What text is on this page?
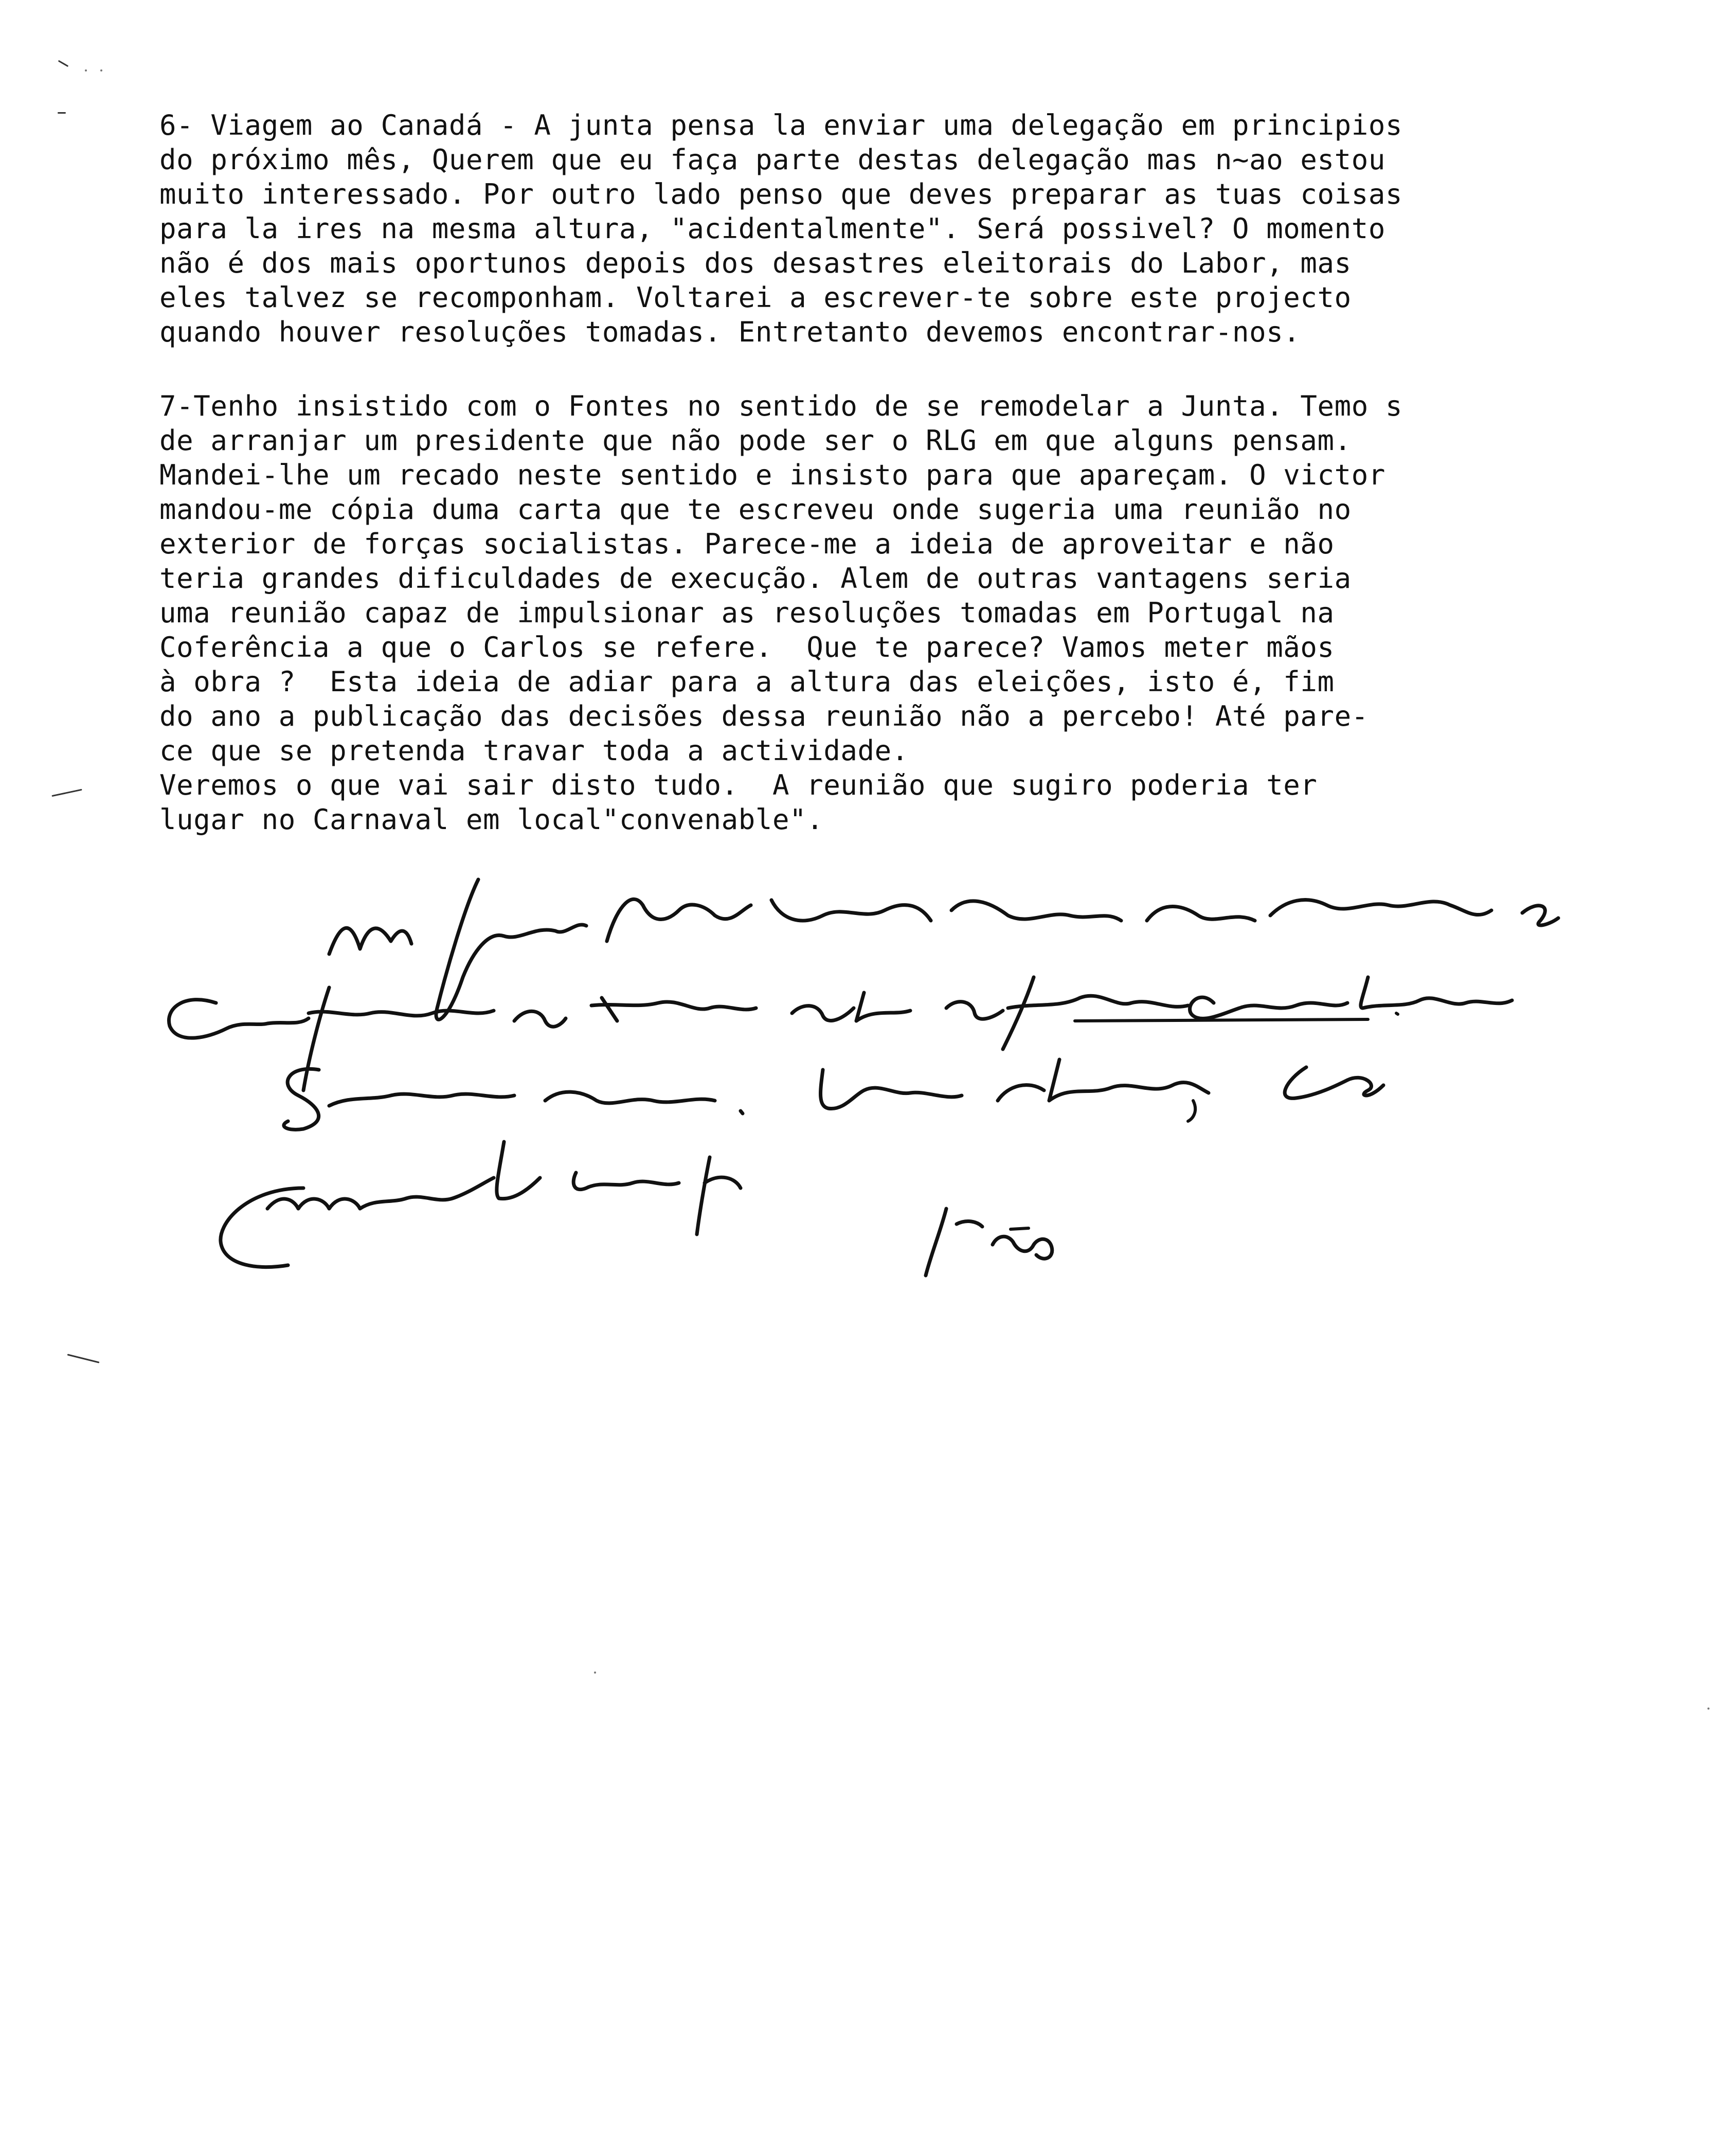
6- Viagem ao Canadá - A junta pensa la enviar uma delegação em principios
do próximo mês, Querem que eu faça parte destas delegação mas n~ao estou
muito interessado. Por outro lado penso que deves preparar as tuas coisas
para la ires na mesma altura, "acidentalmente". Será possivel? O momento
não é dos mais oportunos depois dos desastres eleitorais do Labor, mas
eles talvez se recomponham. Voltarei a escrever-te sobre este projecto
quando houver resoluções tomadas. Entretanto devemos encontrar-nos.
7-Tenho insistido com o Fontes no sentido de se remodelar a Junta. Temo s
de arranjar um presidente que não pode ser o RLG em que alguns pensam.
Mandei-lhe um recado neste sentido e insisto para que apareçam. O victor
mandou-me cópia duma carta que te escreveu onde sugeria uma reunião no
exterior de forças socialistas. Parece-me a ideia de aproveitar e não
teria grandes dificuldades de execução. Alem de outras vantagens seria
uma reunião capaz de impulsionar as resoluções tomadas em Portugal na
Coferência a que o Carlos se refere.  Que te parece? Vamos meter mãos
à obra ?  Esta ideia de adiar para a altura das eleições, isto é, fim
do ano a publicação das decisões dessa reunião não a percebo! Até pare-
ce que se pretenda travar toda a actividade.
Veremos o que vai sair disto tudo.  A reunião que sugiro poderia ter
lugar no Carnaval em local"convenable".
